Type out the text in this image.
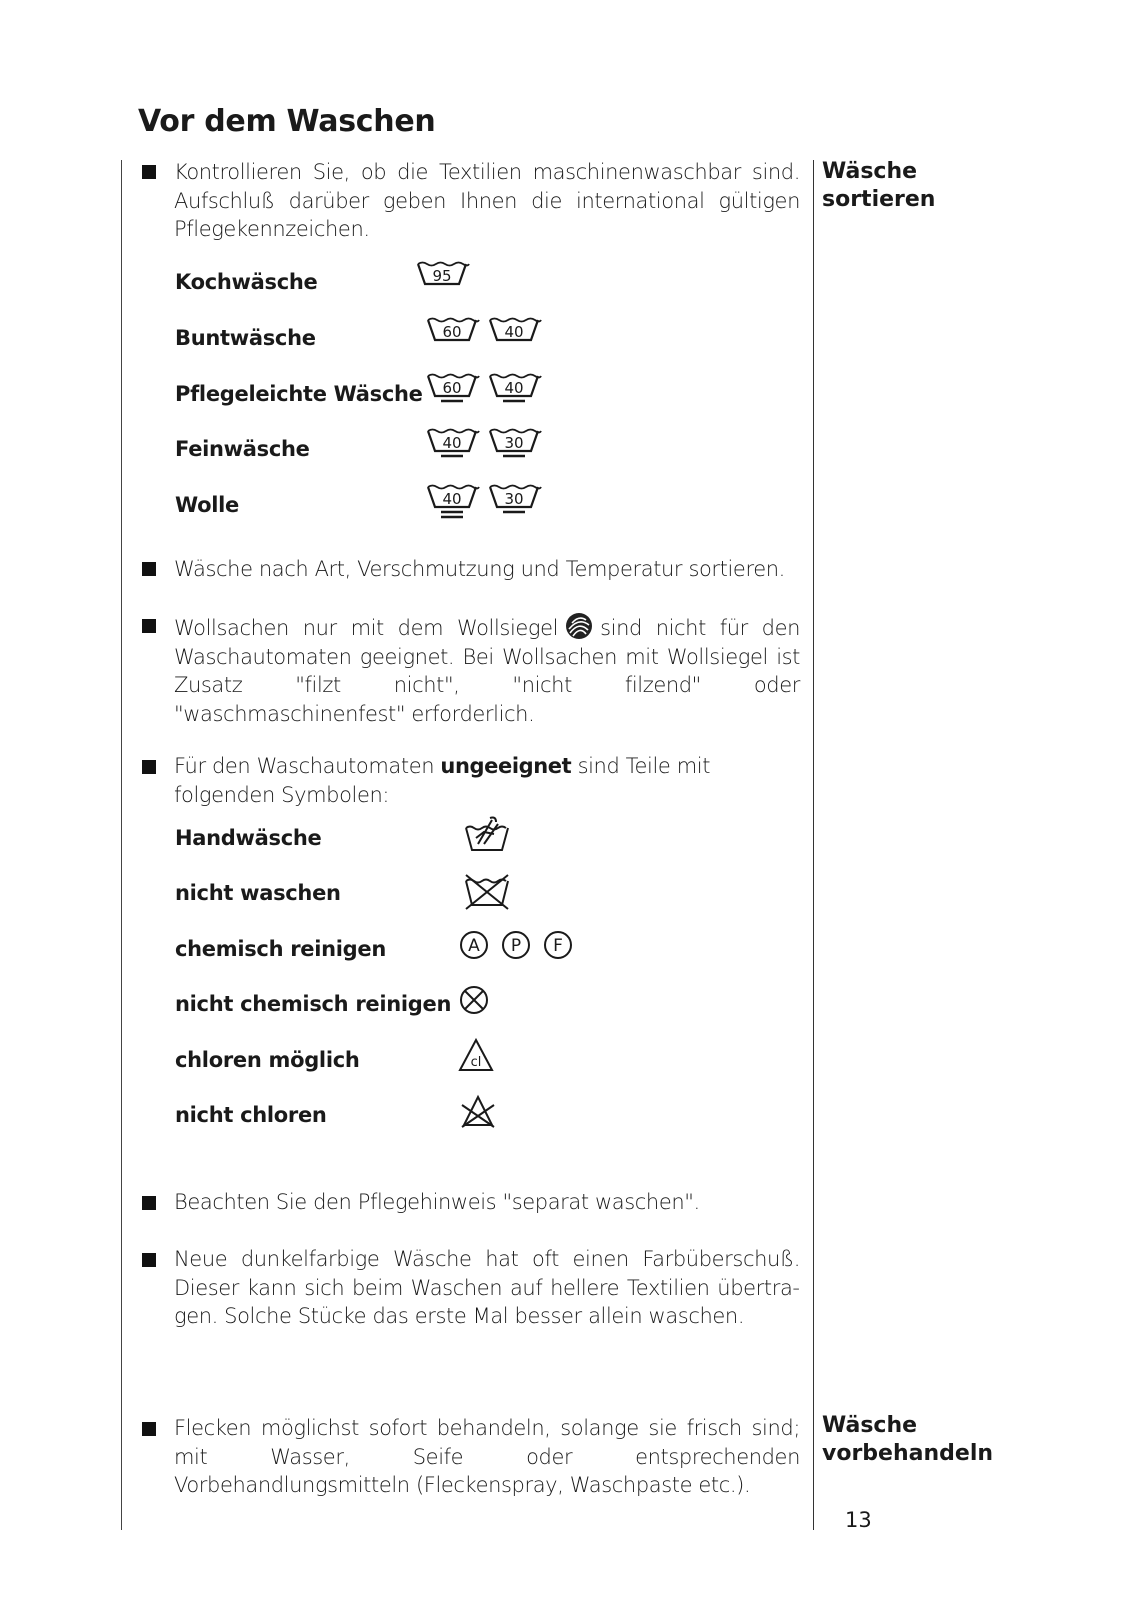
Vor dem Waschen
Wäsche
sortieren

Kontrollieren Sie, ob die Textilien maschinenwaschbar sind. Aufschluß darüber geben Ihnen die international gültigen Pflegekennzeichen.

Kochwäsche	95
Buntwäsche	60	40
Pflegeleichte Wäsche 60	40
Feinwäsche	40	30
Wolle	40	30

Wäsche nach Art, Verschmutzung und Temperatur sortieren.

Wollsachen nur mit dem Wollsiegel sind nicht für den Waschautomaten geeignet. Bei Wollsachen mit Wollsiegel ist Zusatz "filzt nicht", "nicht filzend" oder "waschmaschinenfest" erforderlich.

Für den Waschautomaten ungeeignet sind Teile mit folgenden Symbolen:

Handwäsche
nicht waschen
chemisch reinigen	A P F
nicht chemisch reinigen
chloren möglich	cl
nicht chloren

Beachten Sie den Pflegehinweis "separat waschen".

Neue dunkelfarbige Wäsche hat oft einen Farbüberschuß. Dieser kann sich beim Waschen auf hellere Textilien übertragen. Solche Stücke das erste Mal besser allein waschen.

Flecken möglichst sofort behandeln, solange sie frisch sind; mit Wasser, Seife oder entsprechenden Vorbehandlungsmitteln (Fleckenspray, Waschpaste etc.).

Wäsche
vorbehandeln
13
